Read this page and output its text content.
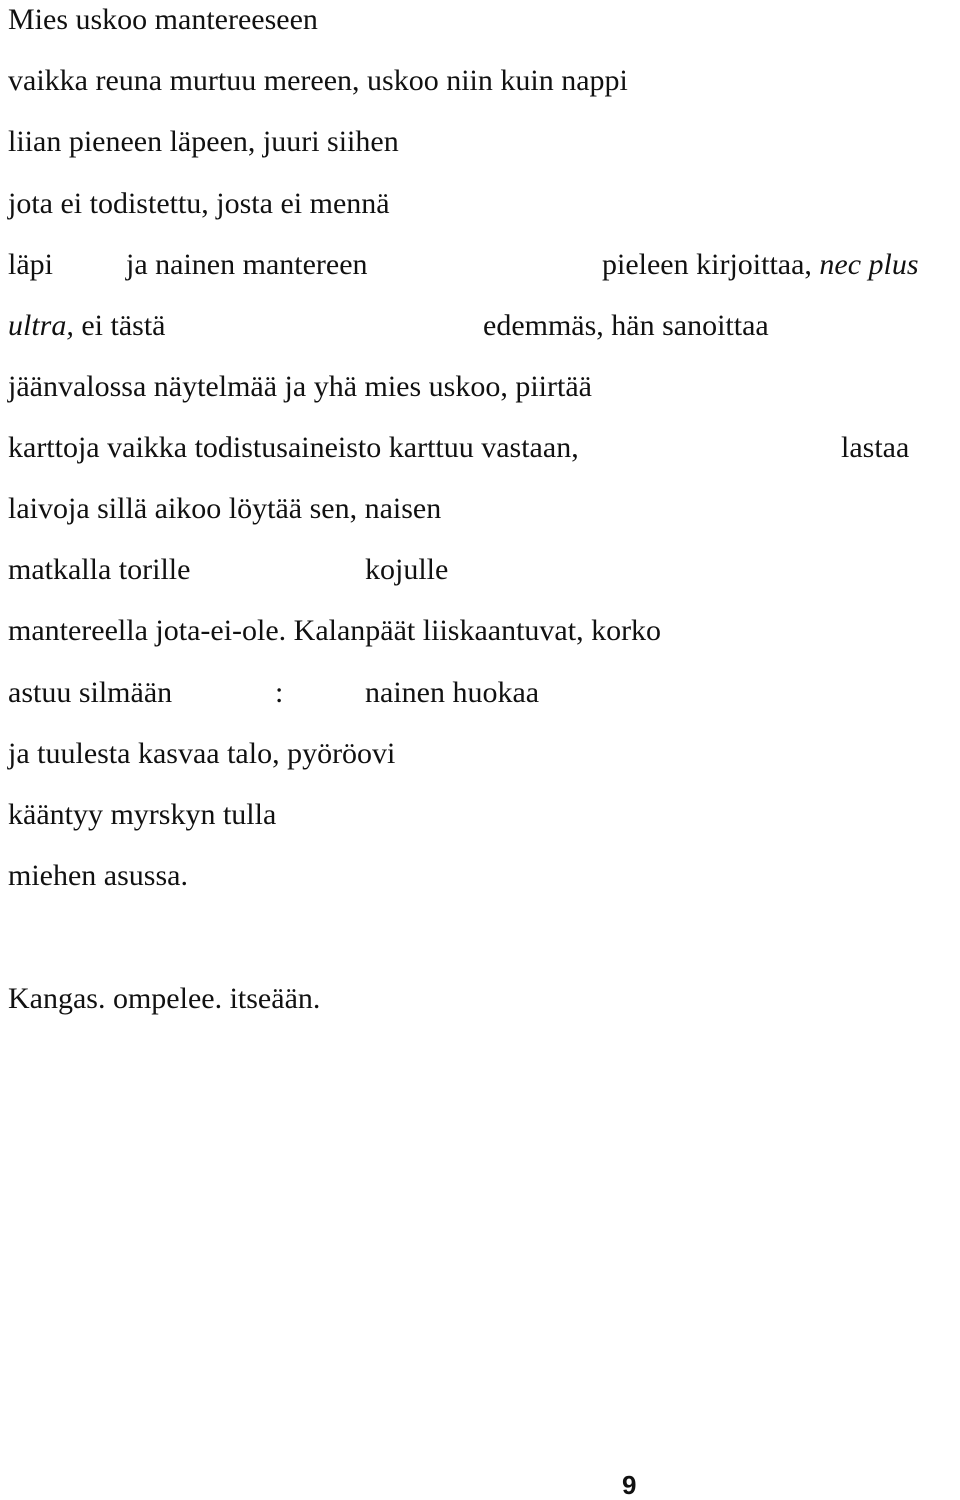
Mies uskoo mantereeseen
vaikka reuna murtuu mereen, uskoo niin kuin nappi
liian pieneen läpeen, juuri siihen
jota ei todistettu, josta ei mennä
läpi ja nainen mantereen	pieleen kirjoittaa, nec plus
ultra, ei tästä	edemmäs, hän sanoittaa
jäänvalossa näytelmää ja yhä mies uskoo, piirtää
karttoja vaikka todistusaineisto karttuu vastaan,	lastaa
laivoja sillä aikoo löytää sen, naisen
matkalla torille	kojulle
mantereella jota-ei-ole. Kalanpäät liiskaantuvat, korko
astuu silmään	:	nainen huokaa
ja tuulesta kasvaa talo, pyöröovi
kääntyy myrskyn tulla
miehen asussa.
Kangas. ompelee. itseään.
9
